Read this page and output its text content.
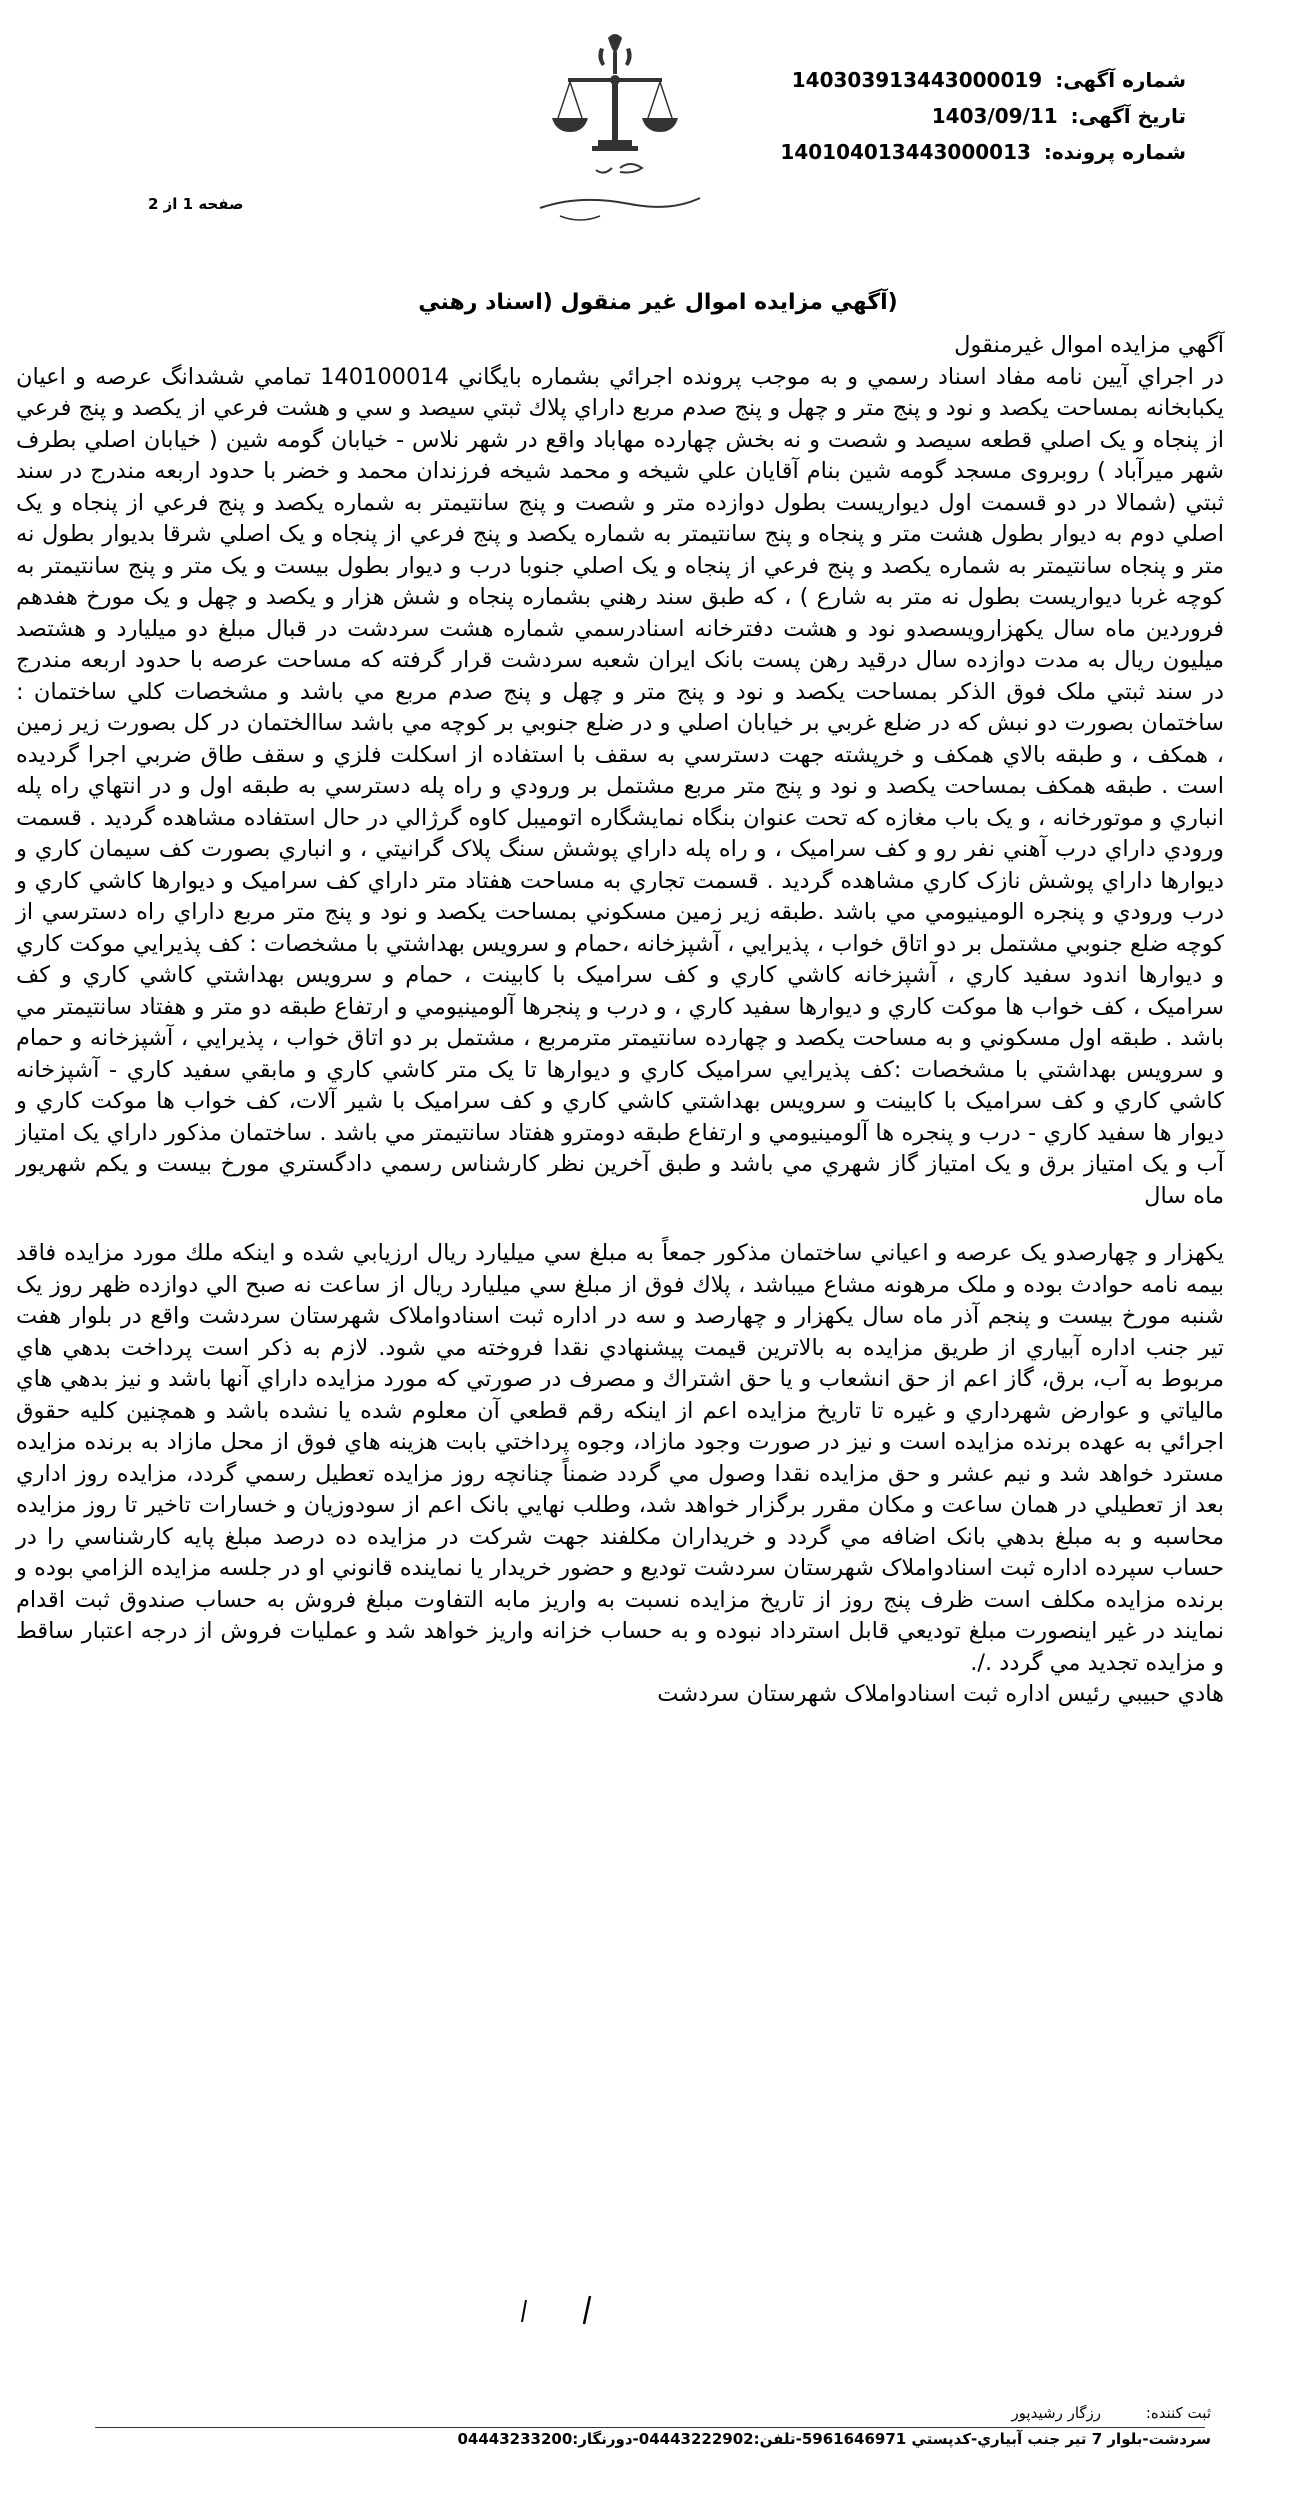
شماره آگهی: 140303913443000019
تاریخ آگهی: 1403/09/11
شماره پرونده: 140104013443000013
صفحه 1 از 2
(آگهي مزايده اموال غير منقول (اسناد رهني

آگهي مزايده اموال غيرمنقول

در اجراي آيين نامه مفاد اسناد رسمي و به موجب پرونده اجرائي بشماره بايگاني 140100014 تمامي ششدانگ عرصه و اعيان يکبابخانه بمساحت يکصد و نود و پنج متر و چهل و پنج صدم مربع داراي پلاك ثبتي سيصد و سي و هشت فرعي از يکصد و پنج فرعي از پنجاه و يک اصلي قطعه سيصد و شصت و نه بخش چهارده مهاباد واقع در شهر نلاس - خيابان گومه شين ( خيابان اصلي بطرف شهر ميرآباد ) روبروی مسجد گومه شين بنام آقايان علي شيخه و محمد شيخه فرزندان محمد و خضر با حدود اربعه مندرج در سند ثبتي (شمالا در دو قسمت اول ديواريست بطول دوازده متر و شصت و پنج سانتيمتر به شماره يکصد و پنج فرعي از پنجاه و يک اصلي دوم به ديوار بطول هشت متر و پنجاه و پنج سانتيمتر به شماره يکصد و پنج فرعي از پنجاه و يک اصلي شرقا بديوار بطول نه متر و پنجاه سانتيمتر به شماره يکصد و پنج فرعي از پنجاه و يک اصلي جنوبا درب و ديوار بطول بيست و يک متر و پنج سانتيمتر به کوچه غربا ديواريست بطول نه متر به شارع ) ، که طبق سند رهني بشماره پنجاه و شش هزار و يکصد و چهل و يک مورخ هفدهم فروردين ماه سال يکهزارويسصدو نود و هشت دفترخانه اسنادرسمي شماره هشت سردشت در قبال مبلغ دو ميليارد و هشتصد ميليون ريال به مدت دوازده سال درقيد رهن پست بانک ايران شعبه سردشت قرار گرفته که مساحت عرصه با حدود اربعه مندرج در سند ثبتي ملک فوق الذكر بمساحت يکصد و نود و پنج متر و چهل و پنج صدم مربع مي باشد و مشخصات کلي ساختمان : ساختمان بصورت دو نبش که در ضلع غربي بر خيابان اصلي و در ضلع جنوبي بر کوچه مي باشد ساالختمان در کل بصورت زير زمين ، همکف ، و طبقه بالاي همکف و خرپشته جهت دسترسي به سقف با استفاده از اسکلت فلزي و سقف طاق ضربي اجرا گرديده است . طبقه همکف بمساحت يکصد و نود و پنج متر مربع مشتمل بر ورودي و راه پله دسترسي به طبقه اول و در انتهاي راه پله انباري و موتورخانه ، و يک باب مغازه که تحت عنوان بنگاه نمايشگاره اتوميبل کاوه گرژالي در حال استفاده مشاهده گرديد . قسمت ورودي داراي درب آهني نفر رو و کف سراميک ، و راه پله داراي پوشش سنگ پلاک گرانيتي ، و انباري بصورت کف سيمان کاري و ديوارها داراي پوشش نازک کاري مشاهده گرديد . قسمت تجاري به مساحت هفتاد متر داراي کف سراميک و ديوارها کاشي کاري و درب ورودي و پنجره الومينيومي مي باشد .طبقه زير زمين مسکوني بمساحت يکصد و نود و پنج متر مربع داراي راه دسترسي از کوچه ضلع جنوبي مشتمل بر دو اتاق خواب ، پذيرايي ، آشپزخانه ،حمام و سرويس بهداشتي با مشخصات : کف پذيرايي موکت کاري و ديوارها اندود سفيد کاري ، آشپزخانه کاشي کاري و کف سراميک با کابينت ، حمام و سرويس بهداشتي کاشي کاري و کف سراميک ، کف خواب ها موکت کاري و ديوارها سفيد کاري ، و درب و پنجرها آلومينيومي و ارتفاع طبقه دو متر و هفتاد سانتيمتر مي باشد . طبقه اول مسکوني و به مساحت يکصد و چهارده سانتيمتر مترمربع ، مشتمل بر دو اتاق خواب ، پذيرايي ، آشپزخانه و حمام و سرويس بهداشتي با مشخصات :کف پذيرايي سراميک کاري و ديوارها تا يک متر کاشي کاري و مابقي سفيد کاري - آشپزخانه کاشي کاري و کف سراميک با کابينت و سرويس بهداشتي کاشي کاري و کف سراميک با شير آلات، کف خواب ها موکت کاري و ديوار ها سفيد کاري - درب و پنجره ها آلومينيومي و ارتفاع طبقه دومترو هفتاد سانتيمتر مي باشد . ساختمان مذکور داراي يک امتياز آب و يک امتياز برق و يک امتياز گاز شهري مي باشد و طبق آخرين نظر کارشناس رسمي دادگستري مورخ بيست و يکم شهريور ماه سال

يکهزار و چهارصدو يک عرصه و اعياني ساختمان مذکور جمعاً به مبلغ سي ميليارد ريال ارزيابي شده و اينکه ملك مورد مزايده فاقد بيمه نامه حوادث بوده و ملک مرهونه مشاع ميباشد ، پلاك فوق از مبلغ سي ميليارد ريال از ساعت نه صبح الي دوازده ظهر روز يک شنبه مورخ بيست و پنجم آذر ماه سال يکهزار و چهارصد و سه در اداره ثبت اسنادواملاک شهرستان سردشت واقع در بلوار هفت تير جنب اداره آبياري از طريق مزايده به بالاترين قيمت پيشنهادي نقدا فروخته مي شود. لازم به ذكر است پرداخت بدهي هاي مربوط به آب، برق، گاز اعم از حق انشعاب و يا حق اشتراك و مصرف در صورتي كه مورد مزايده داراي آنها باشد و نيز بدهي هاي مالياتي و عوارض شهرداري و غيره تا تاريخ مزايده اعم از اينكه رقم قطعي آن معلوم شده يا نشده باشد و همچنين كليه حقوق اجرائي به عهده برنده مزايده است و نيز در صورت وجود مازاد، وجوه پرداختي بابت هزينه هاي فوق از محل مازاد به برنده مزايده مسترد خواهد شد و نيم عشر و حق مزايده نقدا وصول مي گردد ضمناً چنانچه روز مزايده تعطيل رسمي گردد، مزايده روز اداري بعد از تعطيلي در همان ساعت و مكان مقرر برگزار خواهد شد، وطلب نهايي بانک اعم از سودوزيان و خسارات تاخير تا روز مزايده محاسبه و به مبلغ بدهي بانک اضافه مي گردد و خريداران مکلفند جهت شرکت در مزايده ده درصد مبلغ پايه كارشناسي را در حساب سپرده اداره ثبت اسنادواملاک شهرستان سردشت توديع و حضور خريدار يا نماينده قانوني او در جلسه مزايده الزامي بوده و برنده مزايده مکلف است ظرف پنج روز از تاريخ مزايده نسبت به واريز مابه التفاوت مبلغ فروش به حساب صندوق ثبت اقدام نمايند در غير اينصورت مبلغ توديعي قابل استرداد نبوده و به حساب خزانه واريز خواهد شد و عمليات فروش از درجه اعتبار ساقط و مزايده تجديد مي گردد ./.

هادي حبيبي رئيس اداره ثبت اسنادواملاک شهرستان سردشت

ثبت کننده: رزگار رشيدپور
سردشت-بلوار 7 تير جنب آبياري-کدپستي 5961646971-تلفن:04443222902-دورنگار:04443233200
